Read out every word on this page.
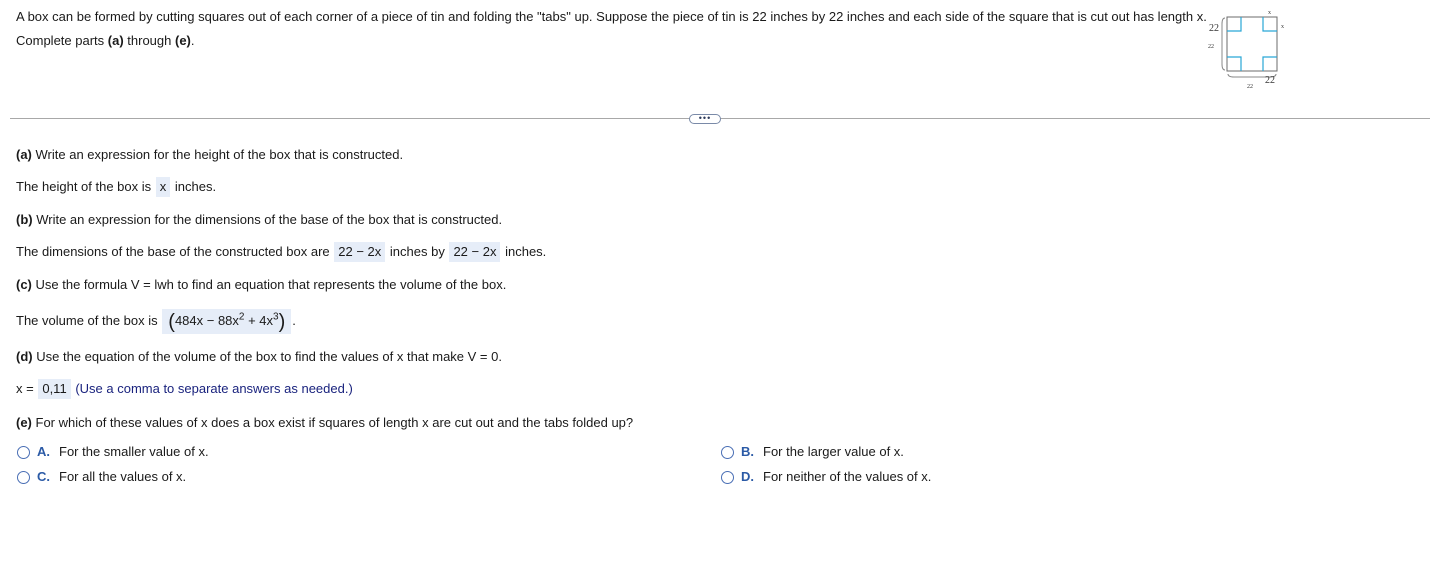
A box can be formed by cutting squares out of each corner of a piece of tin and folding the "tabs" up. Suppose the piece of tin is 22 inches by 22 inches and each side of the square that is cut out has length x.
Complete parts (a) through (e).
x
x
22
22
22
22
•••
(a) Write an expression for the height of the box that is constructed.
The height of the box is x inches.
(b) Write an expression for the dimensions of the base of the box that is constructed.
The dimensions of the base of the constructed box are 22 − 2x inches by 22 − 2x inches.
(c) Use the formula V = lwh to find an equation that represents the volume of the box.
The volume of the box is $(484x - 88x^2 + 4x^3)$ .
(d) Use the equation of the volume of the box to find the values of x that make V = 0.
x = 0,11 (Use a comma to separate answers as needed.)
(e) For which of these values of x does a box exist if squares of length x are cut out and the tabs folded up?
A. For the smaller value of x.	B. For the larger value of x.
C. For all the values of x.	D. For neither of the values of x.
